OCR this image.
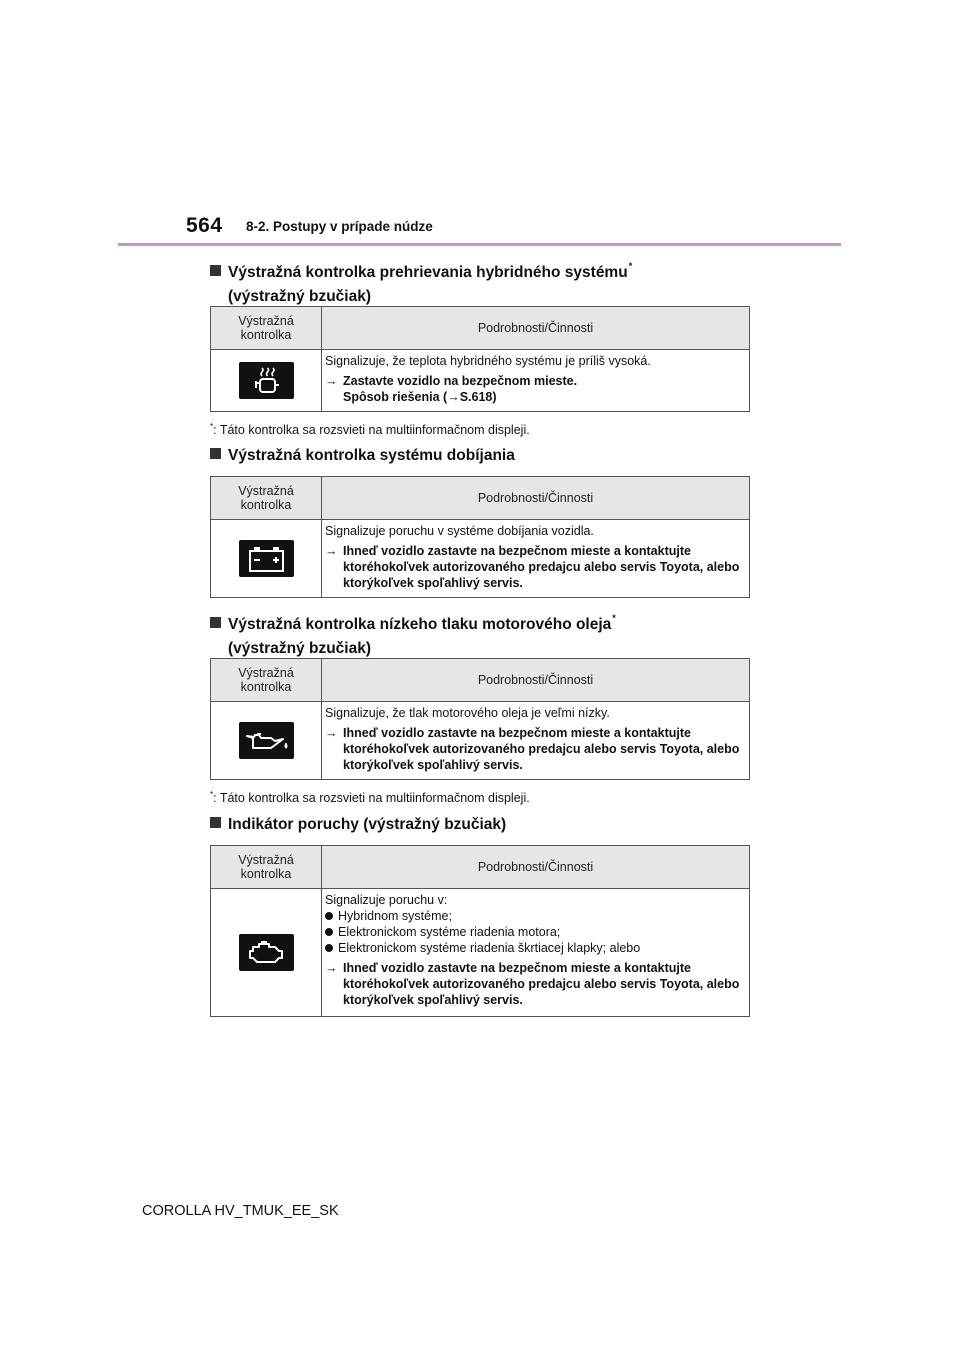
564 8-2. Postupy v prípade núdze
Výstražná kontrolka prehrievania hybridného systému*
(výstražný bzučiak)
Výstražná
kontrolka	Podrobnosti/Činnosti

Signalizuje, že teplota hybridného systému je príliš vysoká.
→ Zastavte vozidlo na bezpečnom mieste.
Spôsob riešenia (→S.618)
*: Táto kontrolka sa rozsvieti na multiinformačnom displeji.
Výstražná kontrolka systému dobíjania
Výstražná
kontrolka	Podrobnosti/Činnosti

Signalizuje poruchu v systéme dobíjania vozidla.
→ Ihneď vozidlo zastavte na bezpečnom mieste a kontaktujte ktoréhokoľvek autorizovaného predajcu alebo servis Toyota, alebo ktorýkoľvek spoľahlivý servis.
Výstražná kontrolka nízkeho tlaku motorového oleja*
(výstražný bzučiak)
Výstražná
kontrolka	Podrobnosti/Činnosti

Signalizuje, že tlak motorového oleja je veľmi nízky.
→ Ihneď vozidlo zastavte na bezpečnom mieste a kontaktujte ktoréhokoľvek autorizovaného predajcu alebo servis Toyota, alebo ktorýkoľvek spoľahlivý servis.
*: Táto kontrolka sa rozsvieti na multiinformačnom displeji.
Indikátor poruchy (výstražný bzučiak)
Výstražná
kontrolka	Podrobnosti/Činnosti

Signalizuje poruchu v:
Hybridnom systéme;
Elektronickom systéme riadenia motora;
Elektronickom systéme riadenia škrtiacej klapky; alebo
→ Ihneď vozidlo zastavte na bezpečnom mieste a kontaktujte ktoréhokoľvek autorizovaného predajcu alebo servis Toyota, alebo ktorýkoľvek spoľahlivý servis.
COROLLA HV_TMUK_EE_SK
